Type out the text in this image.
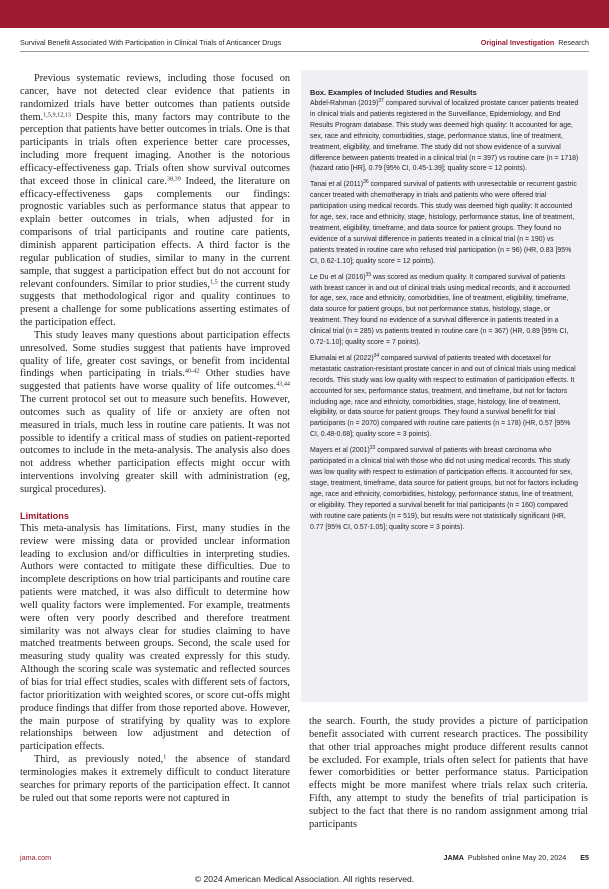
Survival Benefit Associated With Participation in Clinical Trials of Anticancer Drugs	Original Investigation Research

Previous systematic reviews, including those focused on cancer, have not detected clear evidence that patients in randomized trials have better outcomes than patients outside them.$^{1,5,9,12,13}$ Despite this, many factors may contribute to the perception that patients have better outcomes in trials. One is that participants in trials often experience better care processes, including more frequent imaging. Another is the notorious efficacy-effectiveness gap. Trials often show survival outcomes that exceed those in clinical care.$^{38,39}$ Indeed, the literature on efficacy-effectiveness gaps complements our findings: prognostic variables such as performance status that appear to explain better outcomes in trials, when adjusted for in comparisons of trial participants and routine care patients, diminish apparent participation effects. A third factor is the regular publication of studies, similar to many in the current sample, that suggest a participation effect but do not account for relevant confounders. Similar to prior studies,$^{1,5}$ the current study suggests that methodological rigor and quality continues to present a challenge for some publications asserting estimates of the participation effect.

This study leaves many questions about participation effects unresolved. Some studies suggest that patients have improved quality of life, greater cost savings, or benefit from incidental findings when participating in trials.$^{40-42}$ Other studies have suggested that patients have worse quality of life outcomes.$^{43,44}$ The current protocol set out to measure such benefits. However, outcomes such as quality of life or anxiety are often not measured in trials, much less in routine care patients. It was not possible to identify a critical mass of studies on patient-reported outcomes to include in the meta-analysis. The analysis also does not address whether participation effects might occur with interventions involving greater skill with administration (eg, surgical procedures).

Limitations

This meta-analysis has limitations. First, many studies in the review were missing data or provided unclear information leading to exclusion and/or difficulties in interpreting studies. Authors were contacted to mitigate these difficulties. Due to incomplete descriptions on how trial participants and routine care patients were matched, it was also difficult to determine how well quality factors were implemented. For example, treatments were often very poorly described and therefore treatment similarity was not always clear for studies claiming to have matched treatments between groups. Second, the scale used for measuring study quality was created expressly for this study. Although the scoring scale was systematic and reflected sources of bias for trial effect studies, scales with different sets of factors, factor prioritization with weighted scores, or score cut-offs might produce findings that differ from those reported above. However, the main purpose of stratifying by quality was to explore relationships between low adjustment and detection of participation effects.

Third, as previously noted,$^1$ the absence of standard terminologies makes it extremely difficult to conduct literature searches for primary reports of the participation effect. It cannot be ruled out that some reports were not captured in

Box. Examples of Included Studies and Results

Abdel-Rahman $(2019)^{37}$ compared survival of localized prostate cancer patients treated in clinical trials and patients registered in the Surveillance, Epidemiology, and End Results Program database. This study was deemed high quality: It accounted for age, sex, race and ethnicity, comorbidities, stage, performance status, line of treatment, treatment, eligibility, and timeframe. The study did not show evidence of a survival difference between patients treated in a clinical trial (n = 397) vs routine care (n = 1718) (hazard ratio [HR], 0.79 [95% CI, 0.45-1.39]; quality score = 12 points).

Tanai et al $(2011)^{36}$ compared survival of patients with unresectable or recurrent gastric cancer treated with chemotherapy in trials and patients who were offered trial participation using medical records. This study was deemed high quality: It accounted for age, sex, race and ethnicity, stage, histology, performance status, line of treatment, treatment, eligibility, timeframe, and data source for patient groups. They found no evidence of a survival difference in patients treated in a clinical trial (n = 190) vs patients treated in routine care who refused trial participation (n = 96) (HR, 0.83 [95% CI, 0.62-1.10]; quality score = 12 points).

Le Du et al $(2016)^{35}$ was scored as medium quality. It compared survival of patients with breast cancer in and out of clinical trials using medical records, and it accounted for age, sex, race and ethnicity, comorbidities, line of treatment, eligibility, timeframe, data source for patient groups, but not performance status, histology, stage, or treatment. They found no evidence of a survival difference in patients treated in a clinical trial (n = 285) vs patients treated in routine care (n = 367) (HR, 0.89 [95% CI, 0.72-1.10]; quality score = 7 points).

Elumalai et al $(2022)^{34}$ compared survival of patients treated with docetaxel for metastatic castration-resistant prostate cancer in and out of clinical trials using medical records. This study was low quality with respect to estimation of participation effects. It accounted for sex, performance status, treatment, and timeframe, but not for factors including age, race and ethnicity, comorbidities, stage, histology, line of treatment, eligibility, or data source for patient groups. They found a survival benefit for trial participants (n = 2070) compared with routine care patients (n = 178) (HR, 0.57 [95% CI, 0.48-0.68]; quality score = 3 points).

Mayers et al $(2001)^{33}$ compared survival of patients with breast carcinoma who participated in a clinical trial with those who did not using medical records. This study was low quality with respect to estimation of participation effects. It accounted for sex, stage, treatment, timeframe, data source for patient groups, but not for factors including age, race and ethnicity, comorbidities, histology, performance status, line of treatment, or eligibility. They reported a survival benefit for trial participants (n = 160) compared with routine care patients (n = 519), but results were not statistically significant (HR, 0.77 [95% CI, 0.57-1.05]; quality score = 3 points).

the search. Fourth, the study provides a picture of participation benefit associated with current research practices. The possibility that other trial approaches might produce different results cannot be excluded. For example, trials often select for patients that have fewer comorbidities or better performance status. Participation effects might be more manifest where trials relax such criteria. Fifth, any attempt to study the benefits of trial participation is subject to the fact that there is no random assignment among trial participants

jama.com	JAMA Published online May 20, 2024 E5
© 2024 American Medical Association. All rights reserved.
